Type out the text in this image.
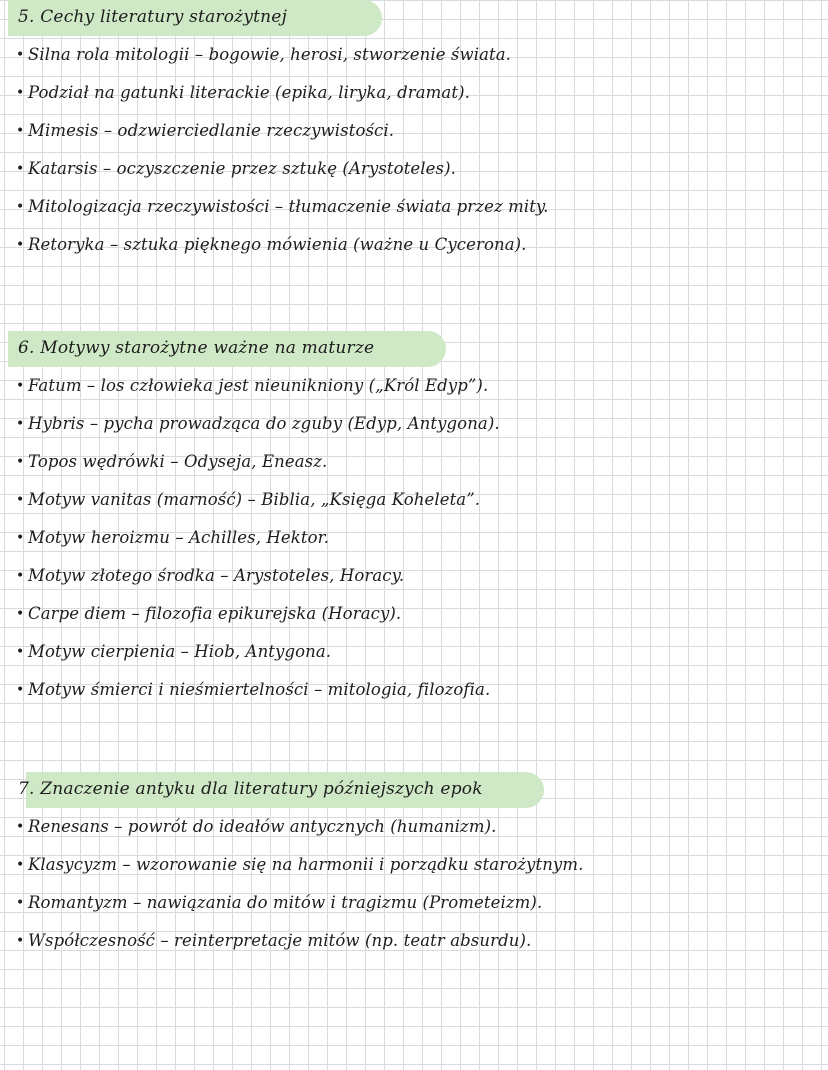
5. Cechy literatury starożytnej
• Silna rola mitologii – bogowie, herosi, stworzenie świata.
• Podział na gatunki literackie (epika, liryka, dramat).
• Mimesis – odzwierciedlanie rzeczywistości.
• Katarsis – oczyszczenie przez sztukę (Arystoteles).
• Mitologizacja rzeczywistości – tłumaczenie świata przez mity.
• Retoryka – sztuka pięknego mówienia (ważne u Cycerona).
6. Motywy starożytne ważne na maturze
• Fatum – los człowieka jest nieunikniony („Król Edyp”).
• Hybris – pycha prowadząca do zguby (Edyp, Antygona).
• Topos wędrówki – Odyseja, Eneasz.
• Motyw vanitas (marność) – Biblia, „Księga Koheleta”.
• Motyw heroizmu – Achilles, Hektor.
• Motyw złotego środka – Arystoteles, Horacy.
• Carpe diem – filozofia epikurejska (Horacy).
• Motyw cierpienia – Hiob, Antygona.
• Motyw śmierci i nieśmiertelności – mitologia, filozofia.
7. Znaczenie antyku dla literatury późniejszych epok
• Renesans – powrót do ideałów antycznych (humanizm).
• Klasycyzm – wzorowanie się na harmonii i porządku starożytnym.
• Romantyzm – nawiązania do mitów i tragizmu (Prometeizm).
• Współczesność – reinterpretacje mitów (np. teatr absurdu).
